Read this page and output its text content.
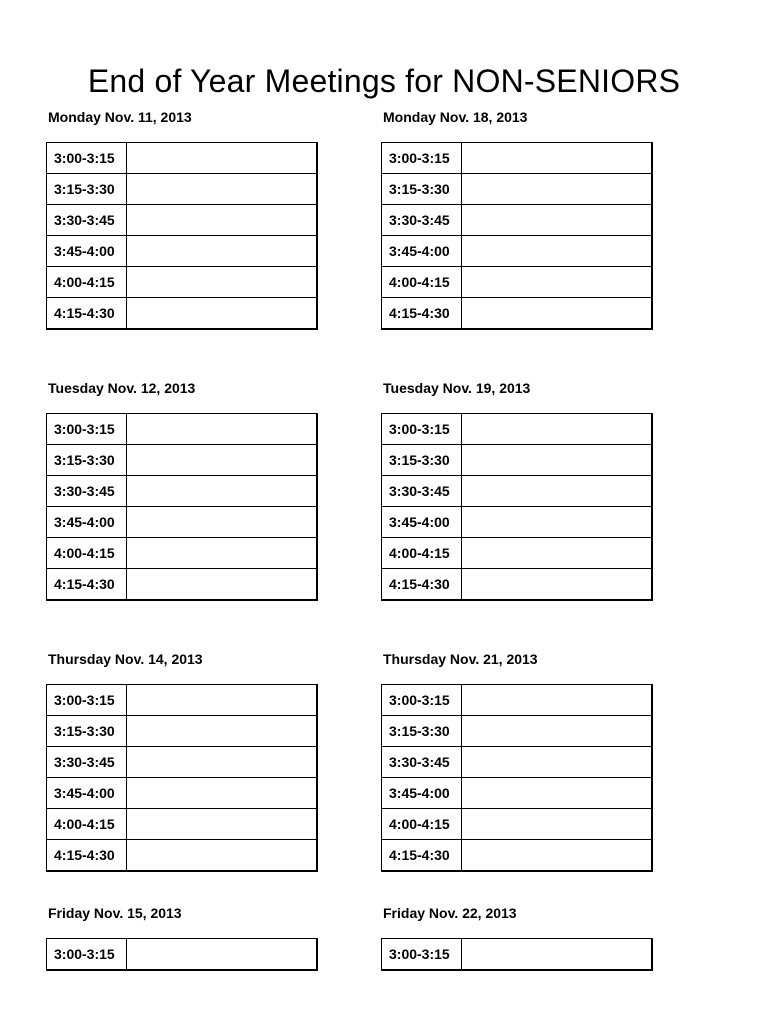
End of Year Meetings for NON-SENIORS
Monday Nov. 11, 2013
3:00-3:15	
3:15-3:30	
3:30-3:45	
3:45-4:00	
4:00-4:15	
4:15-4:30	
Monday Nov. 18, 2013
3:00-3:15	
3:15-3:30	
3:30-3:45	
3:45-4:00	
4:00-4:15	
4:15-4:30	
Tuesday Nov. 12, 2013
3:00-3:15	
3:15-3:30	
3:30-3:45	
3:45-4:00	
4:00-4:15	
4:15-4:30	
Tuesday Nov. 19, 2013
3:00-3:15	
3:15-3:30	
3:30-3:45	
3:45-4:00	
4:00-4:15	
4:15-4:30	
Thursday Nov. 14, 2013
3:00-3:15	
3:15-3:30	
3:30-3:45	
3:45-4:00	
4:00-4:15	
4:15-4:30	
Thursday Nov. 21, 2013
3:00-3:15	
3:15-3:30	
3:30-3:45	
3:45-4:00	
4:00-4:15	
4:15-4:30	
Friday Nov. 15, 2013
3:00-3:15	
Friday Nov. 22, 2013
3:00-3:15	
